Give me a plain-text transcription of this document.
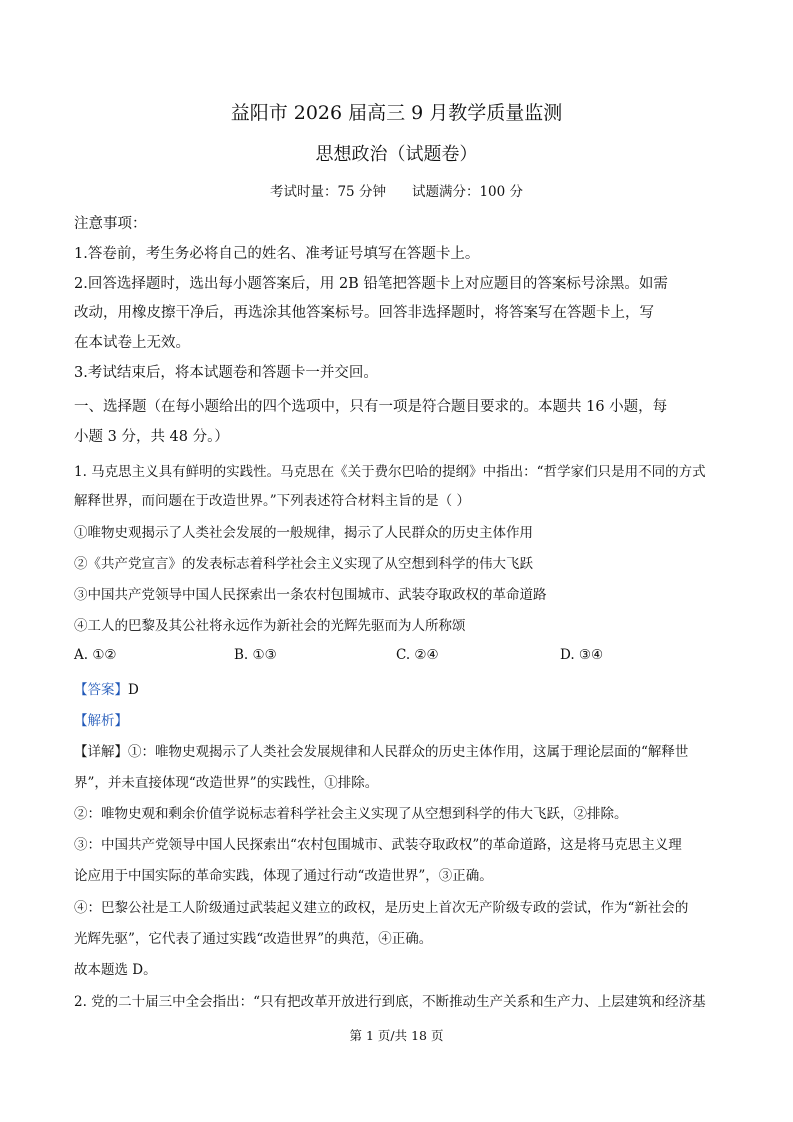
益阳市 2026 届高三 9 月教学质量监测
思想政治（试题卷）
考试时量：75 分钟 试题满分：100 分
注意事项：
1.答卷前，考生务必将自己的姓名、准考证号填写在答题卡上。
2.回答选择题时，选出每小题答案后，用 2B 铅笔把答题卡上对应题目的答案标号涂黑。如需
改动，用橡皮擦干净后，再选涂其他答案标号。回答非选择题时，将答案写在答题卡上，写
在本试卷上无效。
3.考试结束后，将本试题卷和答题卡一并交回。
一、选择题（在每小题给出的四个选项中，只有一项是符合题目要求的。本题共 16 小题，每
小题 3 分，共 48 分。）
1. 马克思主义具有鲜明的实践性。马克思在《关于费尔巴哈的提纲》中指出：“哲学家们只是用不同的方式
解释世界，而问题在于改造世界。”下列表述符合材料主旨的是（ ）
①唯物史观揭示了人类社会发展的一般规律，揭示了人民群众的历史主体作用
②《共产党宣言》的发表标志着科学社会主义实现了从空想到科学的伟大飞跃
③中国共产党领导中国人民探索出一条农村包围城市、武装夺取政权的革命道路
④工人的巴黎及其公社将永远作为新社会的光辉先驱而为人所称颂
A. ①②	B. ①③	C. ②④	D. ③④
【答案】D
【解析】
【详解】①：唯物史观揭示了人类社会发展规律和人民群众的历史主体作用，这属于理论层面的“解释世
界”，并未直接体现“改造世界”的实践性，①排除。
②：唯物史观和剩余价值学说标志着科学社会主义实现了从空想到科学的伟大飞跃，②排除。
③：中国共产党领导中国人民探索出“农村包围城市、武装夺取政权”的革命道路，这是将马克思主义理
论应用于中国实际的革命实践，体现了通过行动“改造世界”，③正确。
④：巴黎公社是工人阶级通过武装起义建立的政权，是历史上首次无产阶级专政的尝试，作为“新社会的
光辉先驱”，它代表了通过实践“改造世界”的典范，④正确。
故本题选 D。
2. 党的二十届三中全会指出：“只有把改革开放进行到底，不断推动生产关系和生产力、上层建筑和经济基
第 1 页/共 18 页
